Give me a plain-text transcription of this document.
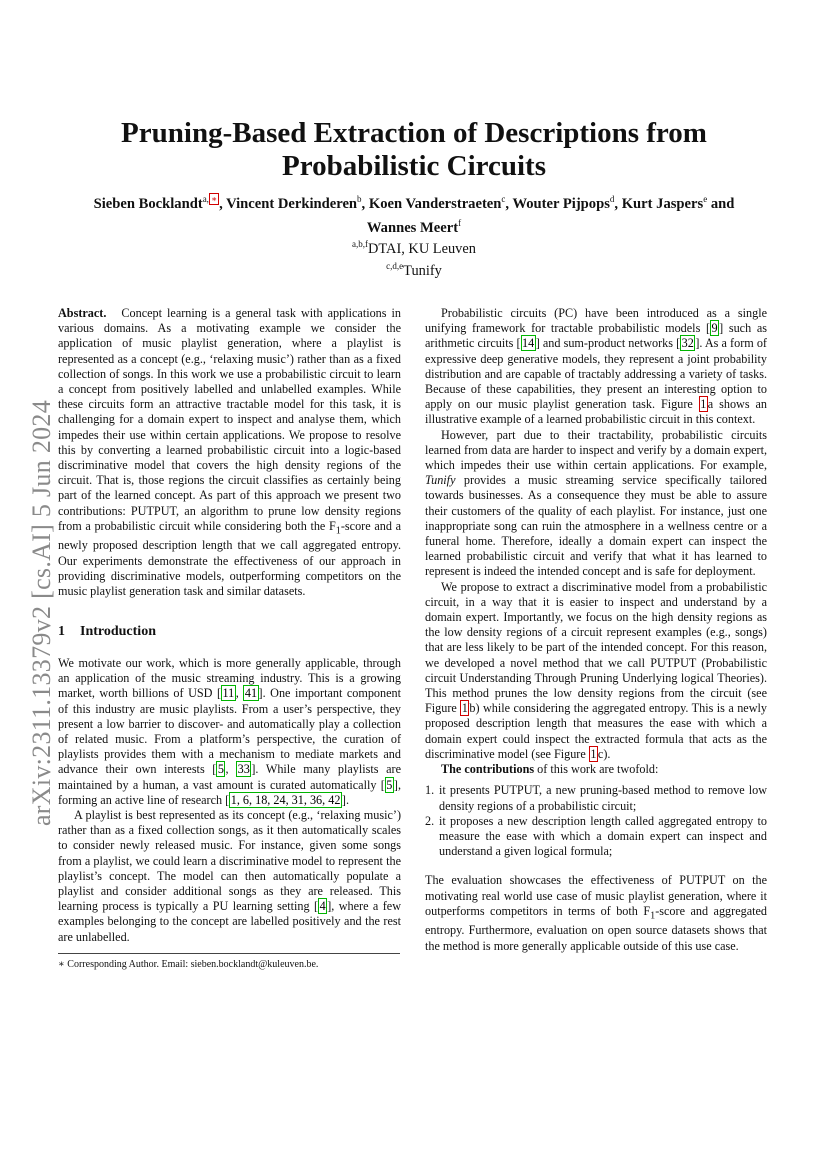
arXiv:2311.13379v2 [cs.AI] 5 Jun 2024
Pruning-Based Extraction of Descriptions from Probabilistic Circuits
Sieben Bocklandt$^{a, ∗}$ , Vincent Derkinderen$^b$, Koen Vanderstraeten$^c$, Wouter Pijpops$^d$, Kurt Jaspers$^e$ and
Wannes Meert$^f$
$^{a,b,f}$DTAI, KU Leuven
$^{c,d,e}$Tunify

Abstract. Concept learning is a general task with applications in various domains. As a motivating example we consider the application of music playlist generation, where a playlist is represented as a concept (e.g., ‘relaxing music’) rather than as a fixed collection of songs. In this work we use a probabilistic circuit to learn a concept from positively labelled and unlabelled examples. While these circuits form an attractive tractable model for this task, it is challenging for a domain expert to inspect and analyse them, which impedes their use within certain applications. We propose to resolve this by converting a learned probabilistic circuit into a logic-based discriminative model that covers the high density regions of the circuit. That is, those regions the circuit classifies as certainly being part of the learned concept. As part of this approach we present two contributions: PUTPUT, an algorithm to prune low density regions from a probabilistic circuit while considering both the $F_1$-score and a newly proposed description length that we call aggregated entropy. Our experiments demonstrate the effectiveness of our approach in providing discriminative models, outperforming competitors on the music playlist generation task and similar datasets.

1 Introduction

We motivate our work, which is more generally applicable, through an application of the music streaming industry. This is a growing market, worth billions of USD [ 11 , 41 ]. One important component of this industry are music playlists. From a user’s perspective, they present a low barrier to discover- and automatically play a collection of related music. From a platform’s perspective, the curation of playlists provides them with a mechanism to mediate markets and advance their own interests [ 5 , 33 ]. While many playlists are maintained by a human, a vast amount is curated automatically [ 5 ], forming an active line of research [ 1, 6, 18, 24, 31, 36, 42 ].

A playlist is best represented as its concept (e.g., ‘relaxing music’) rather than as a fixed collection songs, as it then automatically scales to consider newly released music. For instance, given some songs from a playlist, we could learn a discriminative model to represent the playlist’s concept. The model can then automatically populate a playlist and consider additional songs as they are released. This learning process is typically a PU learning setting [ 4 ], where a few examples belonging to the concept are labelled positively and the rest are unlabelled.

∗ Corresponding Author. Email: sieben.bocklandt@kuleuven.be.

Probabilistic circuits (PC) have been introduced as a single unifying framework for tractable probabilistic models [ 9 ] such as arithmetic circuits [ 14 ] and sum-product networks [ 32 ]. As a form of expressive deep generative models, they represent a joint probability distribution and are capable of tractably addressing a variety of tasks. Because of these capabilities, they present an interesting option to apply on our music playlist generation task. Figure 1 a shows an illustrative example of a learned probabilistic circuit in this context.

However, part due to their tractability, probabilistic circuits learned from data are harder to inspect and verify by a domain expert, which impedes their use within certain applications. For example, Tunify provides a music streaming service specifically tailored towards businesses. As a consequence they must be able to assure their customers of the quality of each playlist. For instance, just one inappropriate song can ruin the atmosphere in a wellness centre or a funeral home. Therefore, ideally a domain expert can inspect the learned probabilistic circuit and verify that what it has learned to represent is indeed the intended concept and is safe for deployment.

We propose to extract a discriminative model from a probabilistic circuit, in a way that it is easier to inspect and understand by a domain expert. Importantly, we focus on the high density regions as the low density regions of a circuit represent examples (e.g., songs) that are less likely to be part of the intended concept. For this reason, we developed a novel method that we call PUTPUT (Probabilistic circuit Understanding Through Pruning Underlying logical Theories). This method prunes the low density regions from the circuit (see Figure 1 b) while considering the aggregated entropy. This is a newly proposed description length that measures the ease with which a domain expert could inspect the extracted formula that acts as the discriminative model (see Figure 1 c).

The contributions of this work are twofold:

1. it presents PUTPUT, a new pruning-based method to remove low density regions of a probabilistic circuit;
2. it proposes a new description length called aggregated entropy to measure the ease with which a domain expert can inspect and understand a given logical formula;

The evaluation showcases the effectiveness of PUTPUT on the motivating real world use case of music playlist generation, where it outperforms competitors in terms of both $F_1$-score and aggregated entropy. Furthermore, evaluation on open source datasets shows that the method is more generally applicable outside of this use case.
